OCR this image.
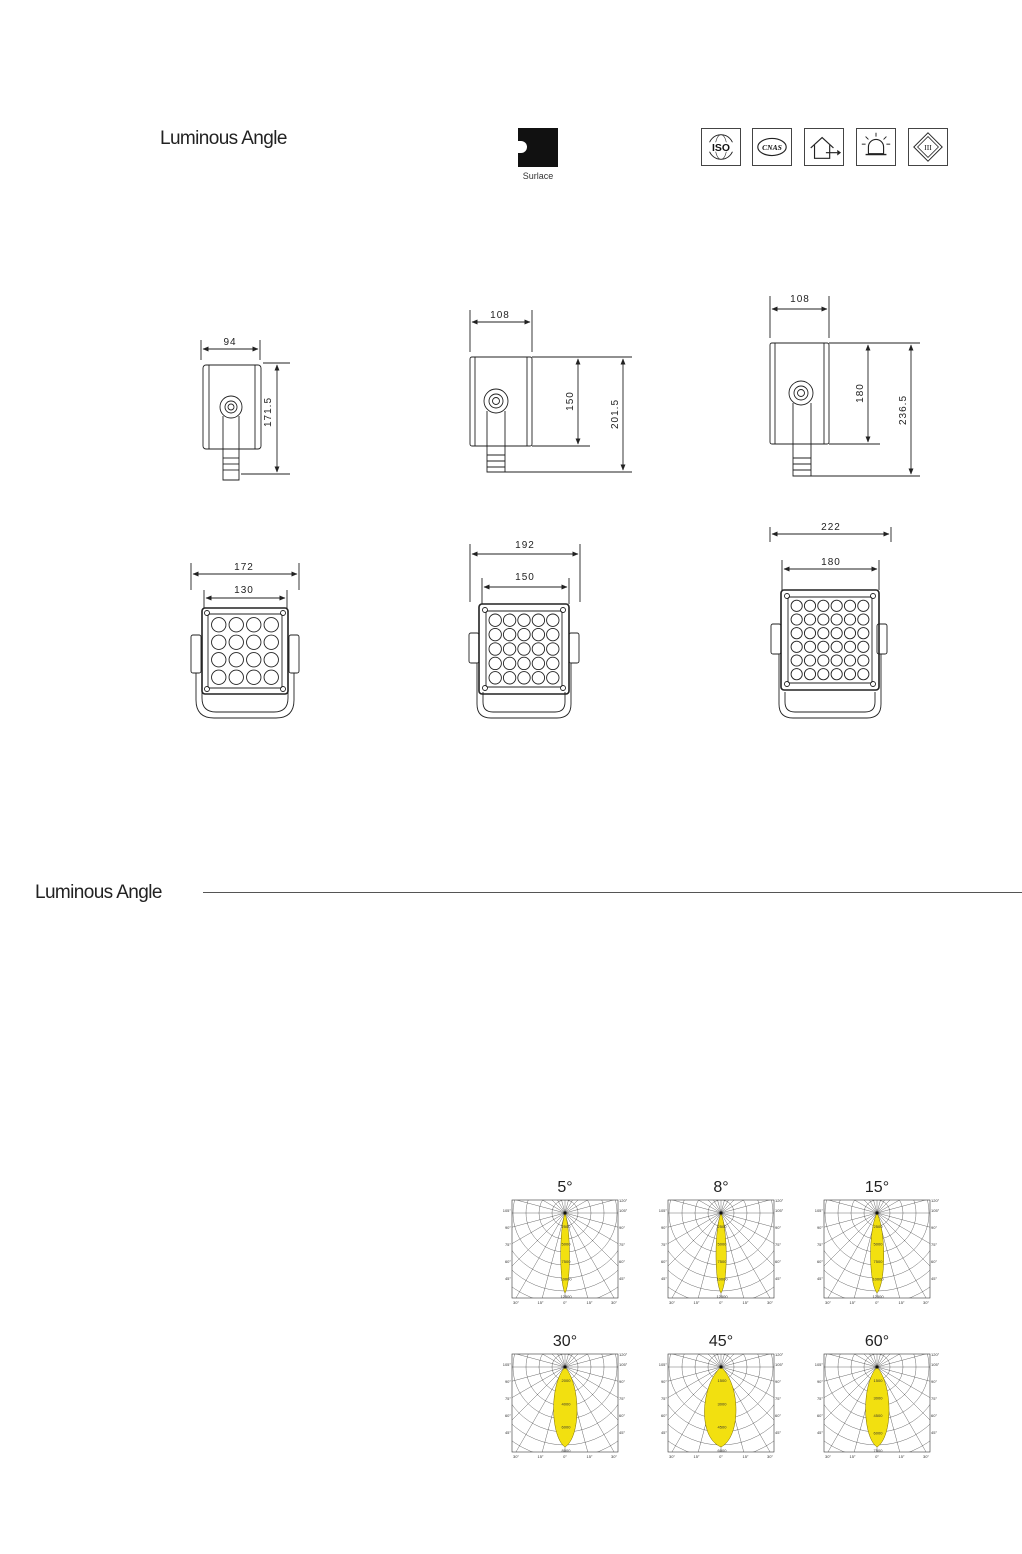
Luminous Angle
Surlace
ISO	CNAS	III
94
171.5
172
130
108
150	201.5
192
150
108
180
236.5
222
180
Luminous Angle
5°
2500
5000
7500
10000
12500
105°
90°
75°
60°
45°
105°
90°
75°
60°
45°
120°
30°	15°	0°	15°	30°
8°
2500
5000
7500
10000
12500
105°
90°
75°
60°
45°
105°
90°
75°
60°
45°
120°
30°	15°	0°	15°	30°
15°
2500
5000
7500
10000
12500
105°
90°
75°
60°
45°
105°
90°
75°
60°
45°
120°
30°	15°	0°	15°	30°
30°
2000
4000
6000
8000
105°
90°
75°
60°
45°
105°
90°
75°
60°
45°
120°
30°	15°	0°	15°	30°
45°
1500
3000
4500
6000
105°
90°
75°
60°
45°
105°
90°
75°
60°
45°
120°
30°	15°	0°	15°	30°
60°
1500
3000
4500
6000
7500
105°
90°
75°
60°
45°
105°
90°
75°
60°
45°
120°
30°	15°	0°	15°	30°
